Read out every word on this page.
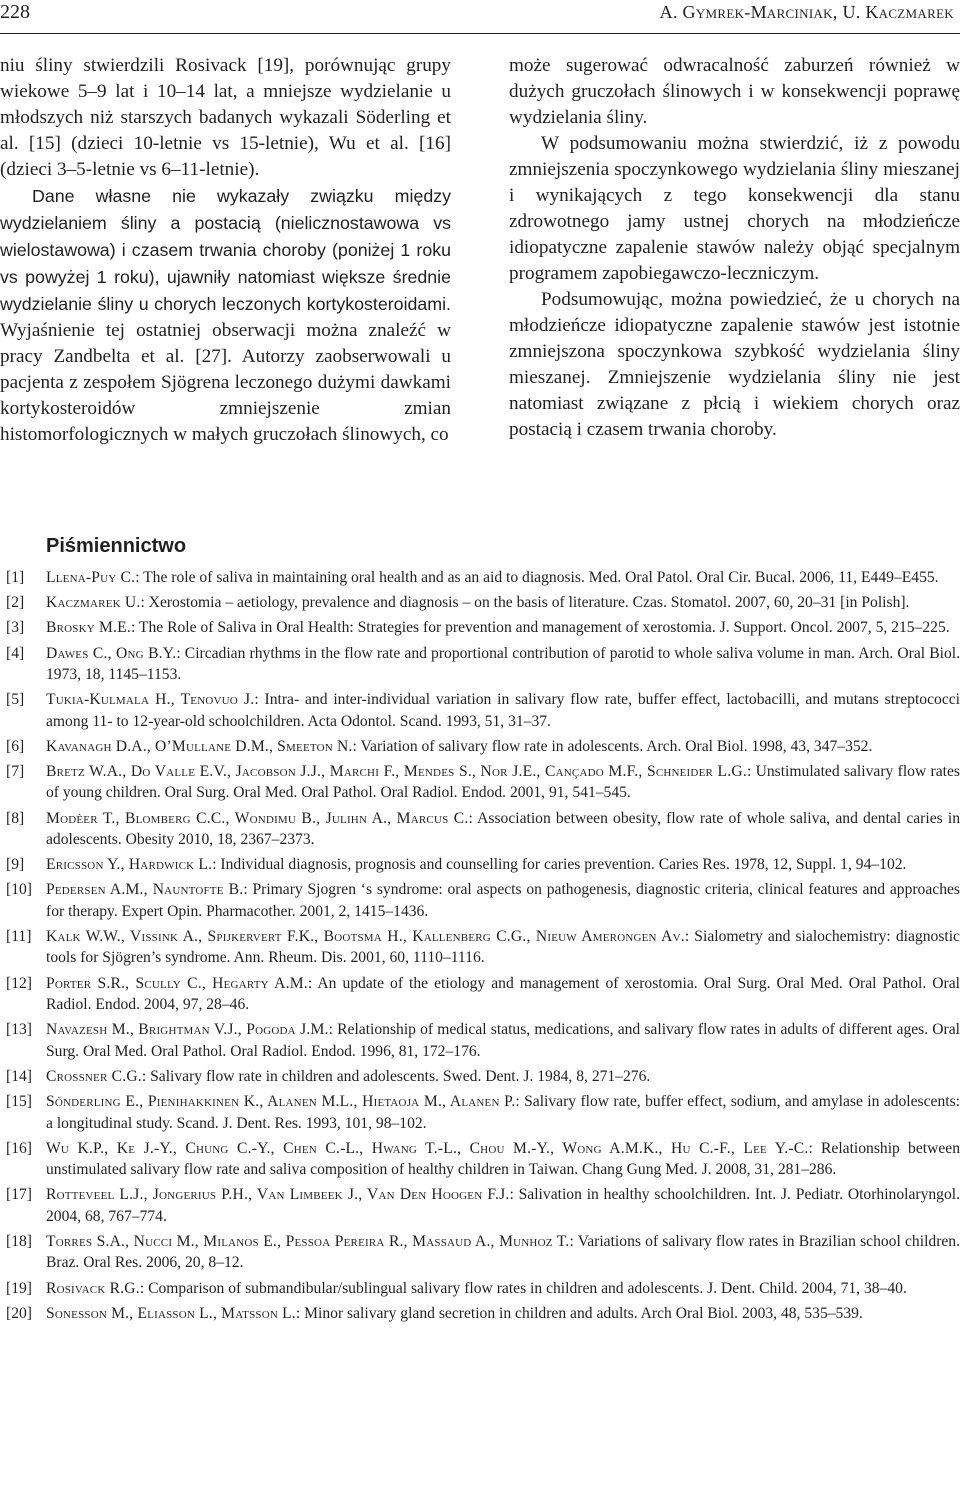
228	A. Gymrek-Marciniak, U. Kaczmarek

niu śliny stwierdzili Rosivack [19], porównując grupy wiekowe 5–9 lat i 10–14 lat, a mniejsze wydzielanie u młodszych niż starszych badanych wykazali Söderling et al. [15] (dzieci 10-letnie vs 15-letnie), Wu et al. [16] (dzieci 3–5-letnie vs 6–11-letnie).

Dane własne nie wykazały związku między wydzielaniem śliny a postacią (nielicznostawowa vs wielostawowa) i czasem trwania choroby (poniżej 1 roku vs powyżej 1 roku), ujawniły natomiast większe średnie wydzielanie śliny u chorych leczonych kortykosteroidami. Wyjaśnienie tej ostatniej obserwacji można znaleźć w pracy Zandbelta et al. [27]. Autorzy zaobserwowali u pacjenta z zespołem Sjögrena leczonego dużymi dawkami kortykosteroidów zmniejszenie zmian histomorfologicznych w małych gruczołach ślinowych, co

może sugerować odwracalność zaburzeń również w dużych gruczołach ślinowych i w konsekwencji poprawę wydzielania śliny.

W podsumowaniu można stwierdzić, iż z powodu zmniejszenia spoczynkowego wydzielania śliny mieszanej i wynikających z tego konsekwencji dla stanu zdrowotnego jamy ustnej chorych na młodzieńcze idiopatyczne zapalenie stawów należy objąć specjalnym programem zapobiegawczo-leczniczym.

Podsumowując, można powiedzieć, że u chorych na młodzieńcze idiopatyczne zapalenie stawów jest istotnie zmniejszona spoczynkowa szybkość wydzielania śliny mieszanej. Zmniejszenie wydzielania śliny nie jest natomiast związane z płcią i wiekiem chorych oraz postacią i czasem trwania choroby.

Piśmiennictwo
[1] Llena-Puy C.: The role of saliva in maintaining oral health and as an aid to diagnosis. Med. Oral Patol. Oral Cir. Bucal. 2006, 11, E449–E455.
[2] Kaczmarek U.: Xerostomia – aetiology, prevalence and diagnosis – on the basis of literature. Czas. Stomatol. 2007, 60, 20–31 [in Polish].
[3] Brosky M.E.: The Role of Saliva in Oral Health: Strategies for prevention and management of xerostomia. J. Support. Oncol. 2007, 5, 215–225.
[4] Dawes C., Ong B.Y.: Circadian rhythms in the flow rate and proportional contribution of parotid to whole saliva volume in man. Arch. Oral Biol. 1973, 18, 1145–1153.
[5] Tukia-Kulmala H., Tenovuo J.: Intra- and inter-individual variation in salivary flow rate, buffer effect, lactobacilli, and mutans streptococci among 11- to 12-year-old schoolchildren. Acta Odontol. Scand. 1993, 51, 31–37.
[6] Kavanagh D.A., O’Mullane D.M., Smeeton N.: Variation of salivary flow rate in adolescents. Arch. Oral Biol. 1998, 43, 347–352.
[7] Bretz W.A., Do Valle E.V., Jacobson J.J., Marchi F., Mendes S., Nor J.E., Cançado M.F., Schneider L.G.: Unstimulated salivary flow rates of young children. Oral Surg. Oral Med. Oral Pathol. Oral Radiol. Endod. 2001, 91, 541–545.
[8] Modèer T., Blomberg C.C., Wondimu B., Julihn A., Marcus C.: Association between obesity, flow rate of whole saliva, and dental caries in adolescents. Obesity 2010, 18, 2367–2373.
[9] Ericsson Y., Hardwick L.: Individual diagnosis, prognosis and counselling for caries prevention. Caries Res. 1978, 12, Suppl. 1, 94–102.
[10] Pedersen A.M., Nauntofte B.: Primary Sjogren ‘s syndrome: oral aspects on pathogenesis, diagnostic criteria, clinical features and approaches for therapy. Expert Opin. Pharmacother. 2001, 2, 1415–1436.
[11] Kalk W.W., Vissink A., Spijkervert F.K., Bootsma H., Kallenberg C.G., Nieuw Amerongen Av.: Sialometry and sialochemistry: diagnostic tools for Sjögren’s syndrome. Ann. Rheum. Dis. 2001, 60, 1110–1116.
[12] Porter S.R., Scully C., Hegarty A.M.: An update of the etiology and management of xerostomia. Oral Surg. Oral Med. Oral Pathol. Oral Radiol. Endod. 2004, 97, 28–46.
[13] Navazesh M., Brightman V.J., Pogoda J.M.: Relationship of medical status, medications, and salivary flow rates in adults of different ages. Oral Surg. Oral Med. Oral Pathol. Oral Radiol. Endod. 1996, 81, 172–176.
[14] Crossner C.G.: Salivary flow rate in children and adolescents. Swed. Dent. J. 1984, 8, 271–276.
[15] Sőnderling E., Pienihakkinen K., Alanen M.L., Hietaoja M., Alanen P.: Salivary flow rate, buffer effect, sodium, and amylase in adolescents: a longitudinal study. Scand. J. Dent. Res. 1993, 101, 98–102.
[16] Wu K.P., Ke J.-Y., Chung C.-Y., Chen C.-L., Hwang T.-L., Chou M.-Y., Wong A.M.K., Hu C.-F., Lee Y.-C.: Relationship between unstimulated salivary flow rate and saliva composition of healthy children in Taiwan. Chang Gung Med. J. 2008, 31, 281–286.
[17] Rotteveel L.J., Jongerius P.H., Van Limbeek J., Van Den Hoogen F.J.: Salivation in healthy schoolchildren. Int. J. Pediatr. Otorhinolaryngol. 2004, 68, 767–774.
[18] Torres S.A., Nucci M., Milanos E., Pessoa Pereira R., Massaud A., Munhoz T.: Variations of salivary flow rates in Brazilian school children. Braz. Oral Res. 2006, 20, 8–12.
[19] Rosivack R.G.: Comparison of submandibular/sublingual salivary flow rates in children and adolescents. J. Dent. Child. 2004, 71, 38–40.
[20] Sonesson M., Eliasson L., Matsson L.: Minor salivary gland secretion in children and adults. Arch Oral Biol. 2003, 48, 535–539.
